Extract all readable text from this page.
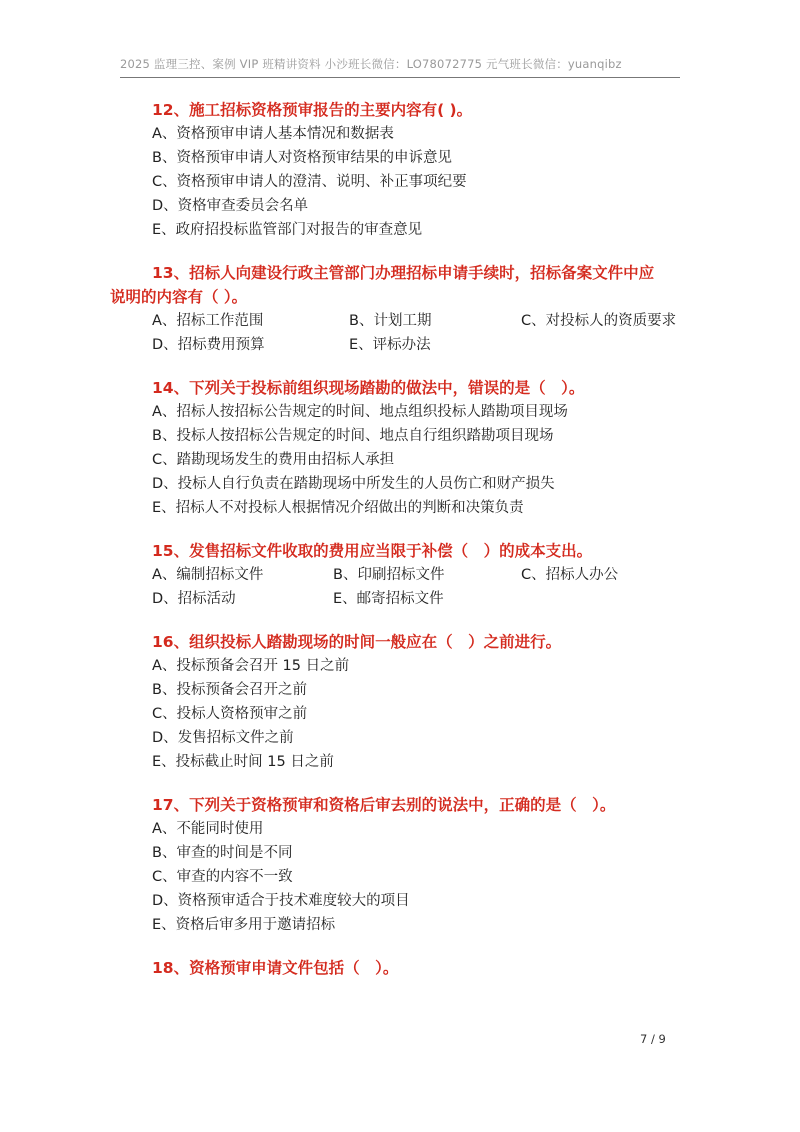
2025 监理三控、案例 VIP 班精讲资料 小沙班长微信：LO78072775 元气班长微信：yuanqibz

12、施工招标资格预审报告的主要内容有( )。

A、资格预审申请人基本情况和数据表
B、资格预审申请人对资格预审结果的申诉意见
C、资格预审申请人的澄清、说明、补正事项纪要
D、资格审查委员会名单
E、政府招投标监管部门对报告的审查意见

13、招标人向建设行政主管部门办理招标申请手续时，招标备案文件中应

说明的内容有（ ）。

A、招标工作范围	B、计划工期	C、对投标人的资质要求
D、招标费用预算	E、评标办法

14、下列关于投标前组织现场踏勘的做法中，错误的是（　）。

A、招标人按招标公告规定的时间、地点组织投标人踏勘项目现场
B、投标人按招标公告规定的时间、地点自行组织踏勘项目现场
C、踏勘现场发生的费用由招标人承担
D、投标人自行负责在踏勘现场中所发生的人员伤亡和财产损失
E、招标人不对投标人根据情况介绍做出的判断和决策负责

15、发售招标文件收取的费用应当限于补偿（　）的成本支出。

A、编制招标文件	B、印刷招标文件	C、招标人办公
D、招标活动	E、邮寄招标文件

16、组织投标人踏勘现场的时间一般应在（　）之前进行。

A、投标预备会召开 15 日之前
B、投标预备会召开之前
C、投标人资格预审之前
D、发售招标文件之前
E、投标截止时间 15 日之前

17、下列关于资格预审和资格后审去别的说法中，正确的是（　）。

A、不能同时使用
B、审查的时间是不同
C、审查的内容不一致
D、资格预审适合于技术难度较大的项目
E、资格后审多用于邀请招标

18、资格预审申请文件包括（　）。

7 / 9
